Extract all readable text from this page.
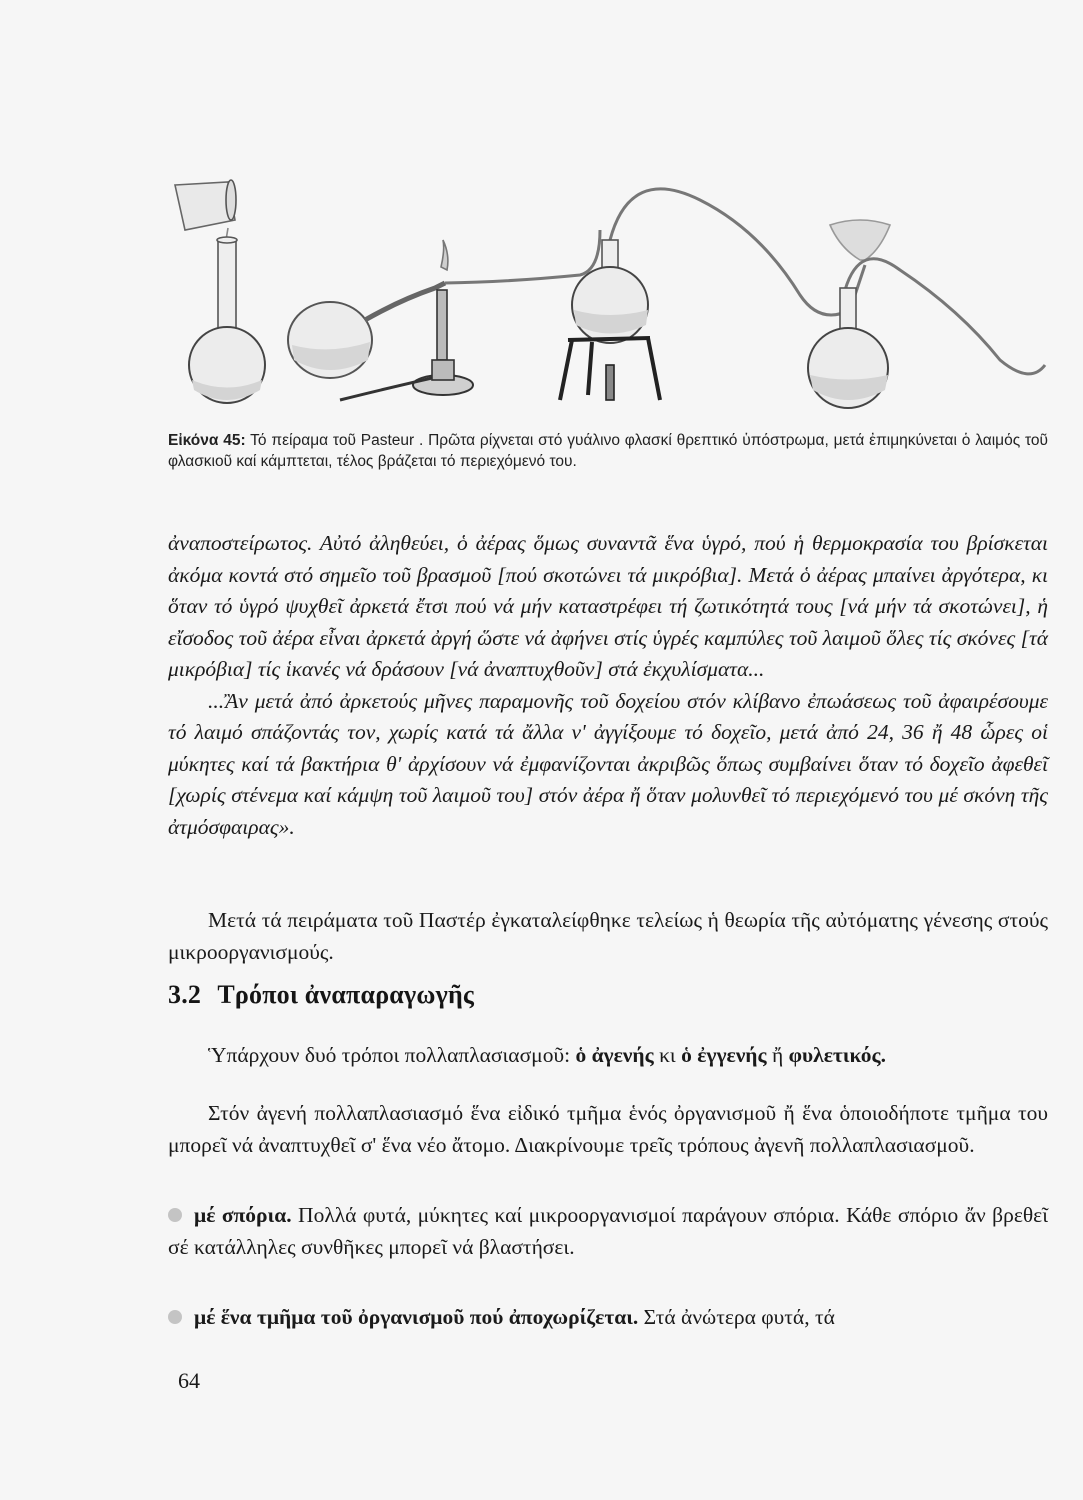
Εἰκόνα 45: Τό πείραμα τοῦ Pasteur . Πρῶτα ρίχνεται στό γυάλινο φλασκί θρεπτικό ὑπόστρωμα, μετά ἐπιμηκύνεται ὁ λαιμός τοῦ φλασκιοῦ καί κάμπτεται, τέλος βράζεται τό περιεχόμενό του.

ἀναποστείρωτος. Αὐτό ἀληθεύει, ὁ ἀέρας ὅμως συναντᾶ ἕνα ὑγρό, πού ἡ θερμοκρασία του βρίσκεται ἀκόμα κοντά στό σημεῖο τοῦ βρασμοῦ [πού σκοτώνει τά μικρόβια]. Μετά ὁ ἀέρας μπαίνει ἀργότερα, κι ὅταν τό ὑγρό ψυχθεῖ ἀρκετά ἔτσι πού νά μήν καταστρέφει τή ζωτικότητά τους [νά μήν τά σκοτώνει], ἡ εἴσοδος τοῦ ἀέρα εἶναι ἀρκετά ἀργή ὥστε νά ἀφήνει στίς ὑγρές καμπύλες τοῦ λαιμοῦ ὅλες τίς σκόνες [τά μικρόβια] τίς ἱκανές νά δράσουν [νά ἀναπτυχθοῦν] στά ἐκχυλίσματα...

...Ἂν μετά ἀπό ἀρκετούς μῆνες παραμονῆς τοῦ δοχείου στόν κλίβανο ἐπωάσεως τοῦ ἀφαιρέσουμε τό λαιμό σπάζοντάς τον, χωρίς κατά τά ἄλλα ν' ἀγγίξουμε τό δοχεῖο, μετά ἀπό 24, 36 ἤ 48 ὧρες οἱ μύκητες καί τά βακτήρια θ' ἀρχίσουν νά ἐμφανίζονται ἀκριβῶς ὅπως συμβαίνει ὅταν τό δοχεῖο ἀφεθεῖ [χωρίς στένεμα καί κάμψη τοῦ λαιμοῦ του] στόν ἀέρα ἤ ὅταν μολυνθεῖ τό περιεχόμενό του μέ σκόνη τῆς ἀτμόσφαιρας».

Μετά τά πειράματα τοῦ Παστέρ ἐγκαταλείφθηκε τελείως ἡ θεωρία τῆς αὐτόματης γένεσης στούς μικροοργανισμούς.

3.2 Τρόποι ἀναπαραγωγῆς

Ὑπάρχουν δυό τρόποι πολλαπλασιασμοῦ: ὁ ἀγενής κι ὁ ἐγγενής ἤ φυλετικός.

Στόν ἀγενή πολλαπλασιασμό ἕνα εἰδικό τμῆμα ἑνός ὀργανισμοῦ ἤ ἕνα ὁποιοδήποτε τμῆμα του μπορεῖ νά ἀναπτυχθεῖ σ' ἕνα νέο ἄτομο. Διακρίνουμε τρεῖς τρόπους ἀγενῆ πολλαπλασιασμοῦ.

μέ σπόρια. Πολλά φυτά, μύκητες καί μικροοργανισμοί παράγουν σπόρια. Κάθε σπόριο ἄν βρεθεῖ σέ κατάλληλες συνθῆκες μπορεῖ νά βλαστήσει.
μέ ἕνα τμῆμα τοῦ ὀργανισμοῦ πού ἀποχωρίζεται. Στά ἀνώτερα φυτά, τά
64
